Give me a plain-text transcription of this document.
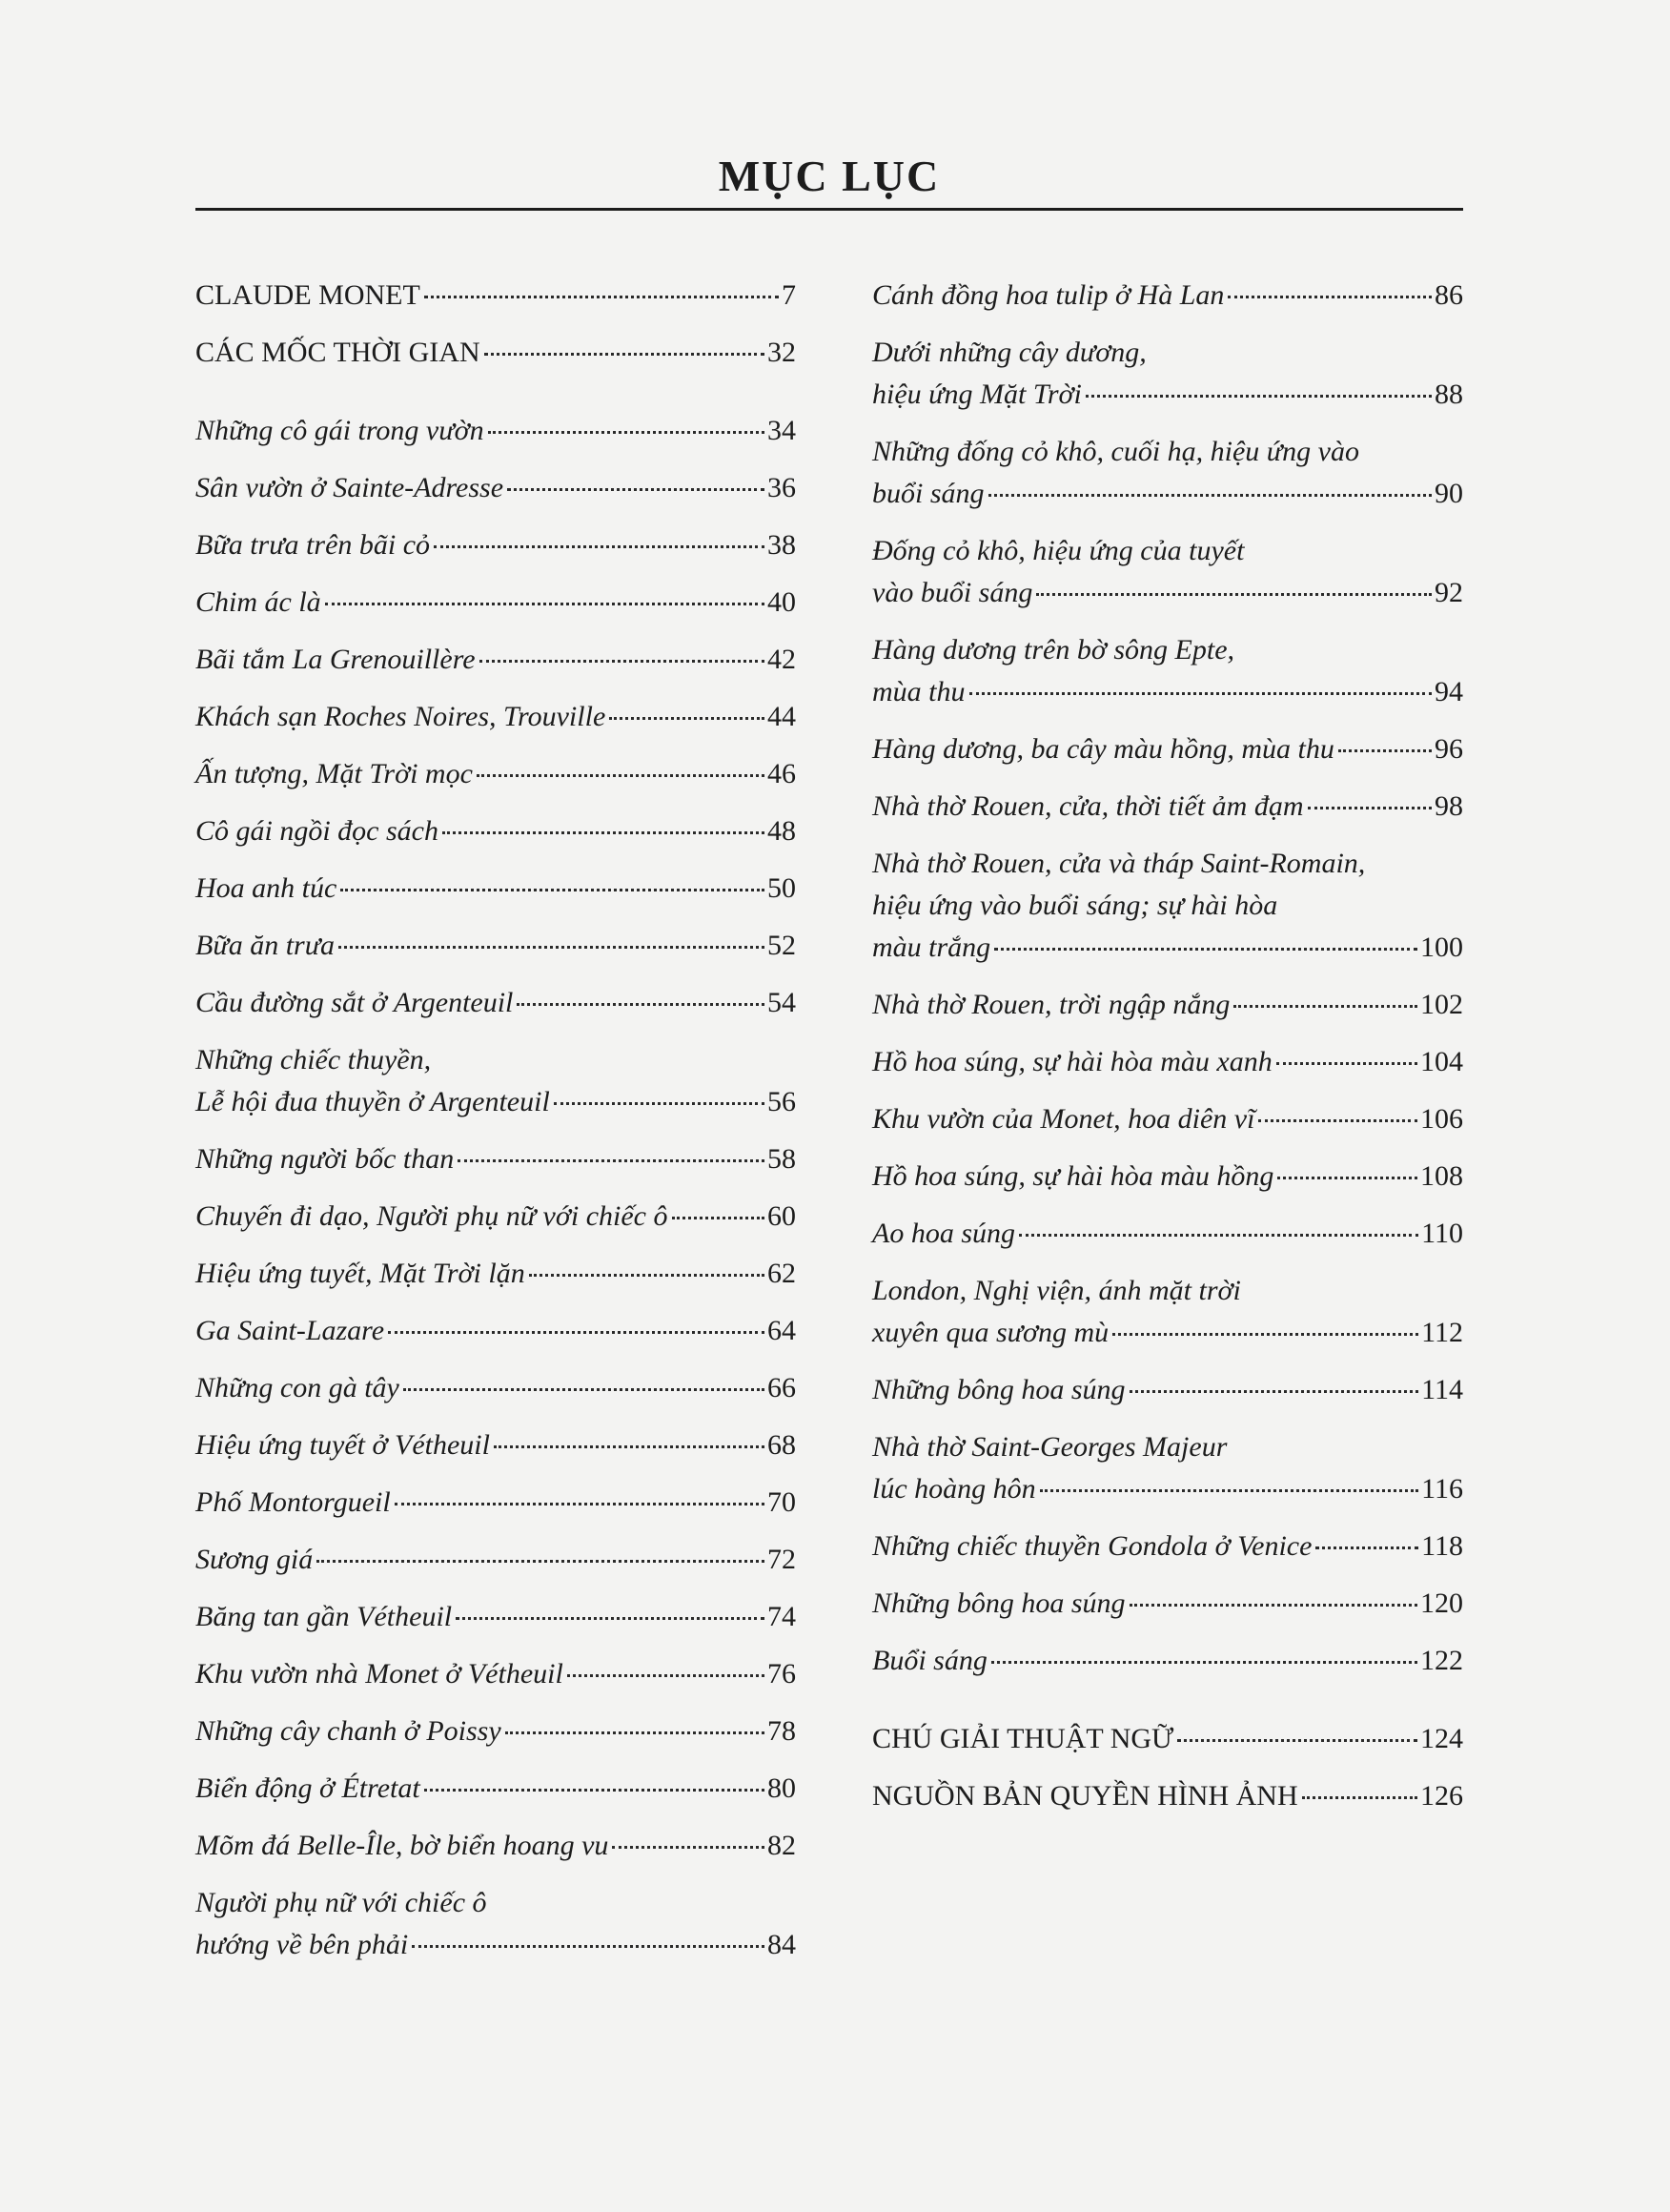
MỤC LỤC
CLAUDE MONET	7
CÁC MỐC THỜI GIAN	32
Những cô gái trong vườn	34
Sân vườn ở Sainte-Adresse	36
Bữa trưa trên bãi cỏ	38
Chim ác là	40
Bãi tắm La Grenouillère	42
Khách sạn Roches Noires, Trouville	44
Ấn tượng, Mặt Trời mọc	46
Cô gái ngồi đọc sách	48
Hoa anh túc	50
Bữa ăn trưa	52
Cầu đường sắt ở Argenteuil	54
Những chiếc thuyền,
Lễ hội đua thuyền ở Argenteuil	56
Những người bốc than	58
Chuyến đi dạo, Người phụ nữ với chiếc ô	60
Hiệu ứng tuyết, Mặt Trời lặn	62
Ga Saint-Lazare	64
Những con gà tây	66
Hiệu ứng tuyết ở Vétheuil	68
Phố Montorgueil	70
Sương giá	72
Băng tan gần Vétheuil	74
Khu vườn nhà Monet ở Vétheuil	76
Những cây chanh ở Poissy	78
Biển động ở Étretat	80
Mõm đá Belle-Île, bờ biển hoang vu	82
Người phụ nữ với chiếc ô
hướng về bên phải	84
Cánh đồng hoa tulip ở Hà Lan	86
Dưới những cây dương,
hiệu ứng Mặt Trời	88
Những đống cỏ khô, cuối hạ, hiệu ứng vào
buổi sáng	90
Đống cỏ khô, hiệu ứng của tuyết
vào buổi sáng	92
Hàng dương trên bờ sông Epte,
mùa thu	94
Hàng dương, ba cây màu hồng, mùa thu	96
Nhà thờ Rouen, cửa, thời tiết ảm đạm	98
Nhà thờ Rouen, cửa và tháp Saint-Romain,
hiệu ứng vào buổi sáng; sự hài hòa
màu trắng	100
Nhà thờ Rouen, trời ngập nắng	102
Hồ hoa súng, sự hài hòa màu xanh	104
Khu vườn của Monet, hoa diên vĩ	106
Hồ hoa súng, sự hài hòa màu hồng	108
Ao hoa súng	110
London, Nghị viện, ánh mặt trời
xuyên qua sương mù	112
Những bông hoa súng	114
Nhà thờ Saint-Georges Majeur
lúc hoàng hôn	116
Những chiếc thuyền Gondola ở Venice	118
Những bông hoa súng	120
Buổi sáng	122
CHÚ GIẢI THUẬT NGỮ	124
NGUỒN BẢN QUYỀN HÌNH ẢNH	126
